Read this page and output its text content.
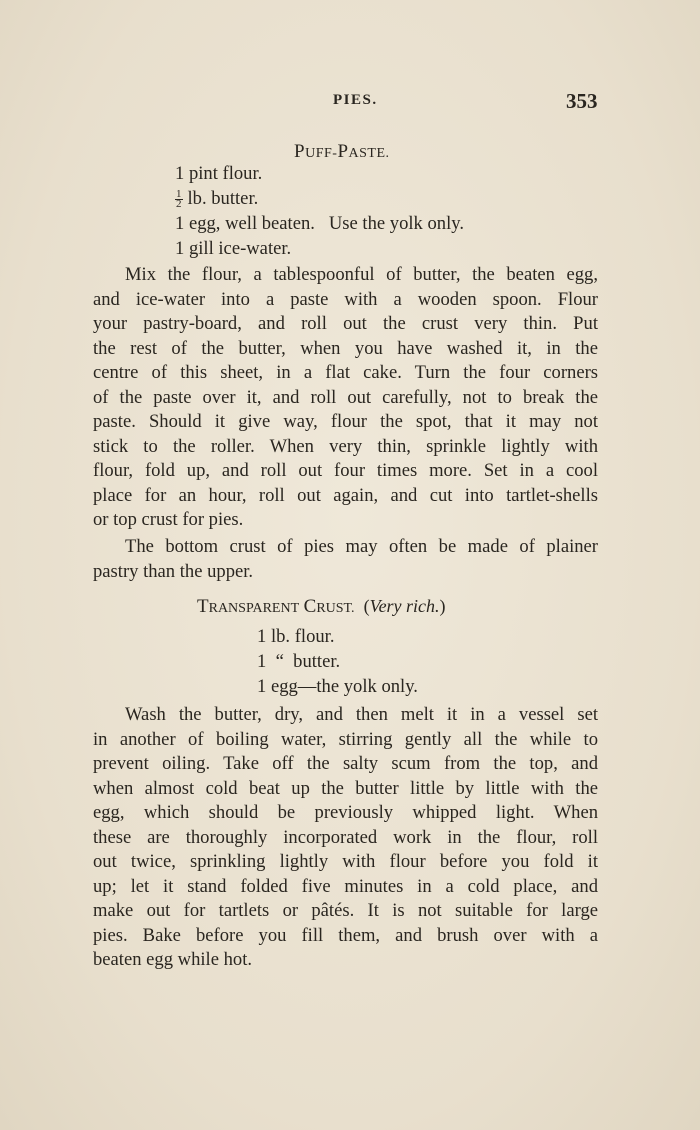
PIES.	353
PUFF-PASTE.
1 pint flour.
$\frac{1}{2}$ lb. butter.
1 egg, well beaten.   Use the yolk only.
1 gill ice-water.
Mix the flour, a tablespoonful of butter, the beaten egg,
and ice-water into a paste with a wooden spoon. Flour
your pastry-board, and roll out the crust very thin. Put
the rest of the butter, when you have washed it, in the
centre of this sheet, in a flat cake. Turn the four corners
of the paste over it, and roll out carefully, not to break the
paste. Should it give way, flour the spot, that it may not
stick to the roller. When very thin, sprinkle lightly with
flour, fold up, and roll out four times more. Set in a cool
place for an hour, roll out again, and cut into tartlet-shells
or top crust for pies.
The bottom crust of pies may often be made of plainer
pastry than the upper.
TRANSPARENT CRUST.  (Very rich.)
1 lb. flour.
1  “  butter.
1 egg—the yolk only.
Wash the butter, dry, and then melt it in a vessel set
in another of boiling water, stirring gently all the while to
prevent oiling. Take off the salty scum from the top, and
when almost cold beat up the butter little by little with the
egg, which should be previously whipped light. When
these are thoroughly incorporated work in the flour, roll
out twice, sprinkling lightly with flour before you fold it
up; let it stand folded five minutes in a cold place, and
make out for tartlets or pâtés. It is not suitable for large
pies. Bake before you fill them, and brush over with a
beaten egg while hot.
